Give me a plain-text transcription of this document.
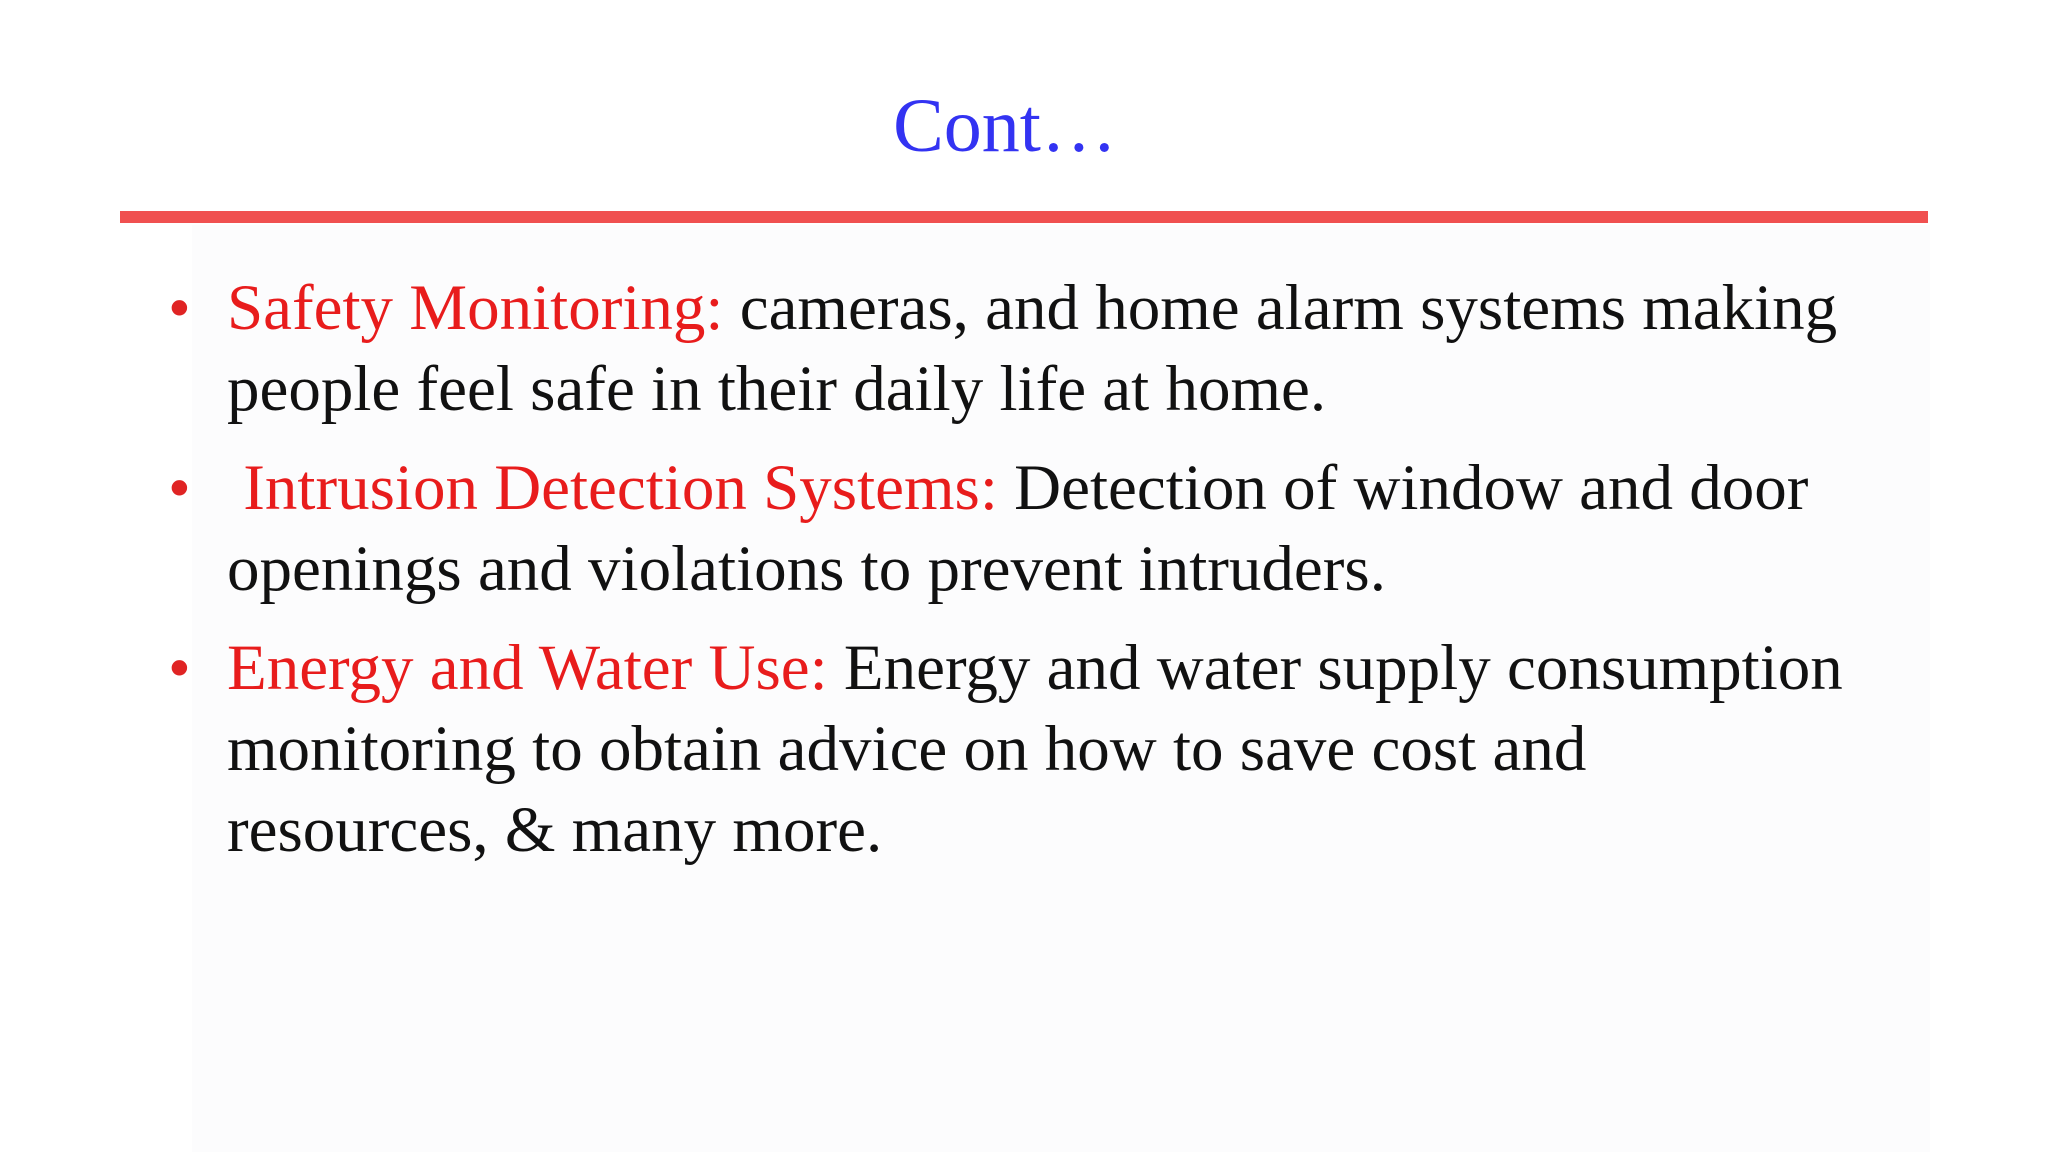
Cont…
• Safety Monitoring: cameras, and home alarm systems making people feel safe in their daily life at home.
• Intrusion Detection Systems: Detection of window and door openings and violations to prevent intruders.
• Energy and Water Use: Energy and water supply consumption monitoring to obtain advice on how to save cost and resources, & many more.
